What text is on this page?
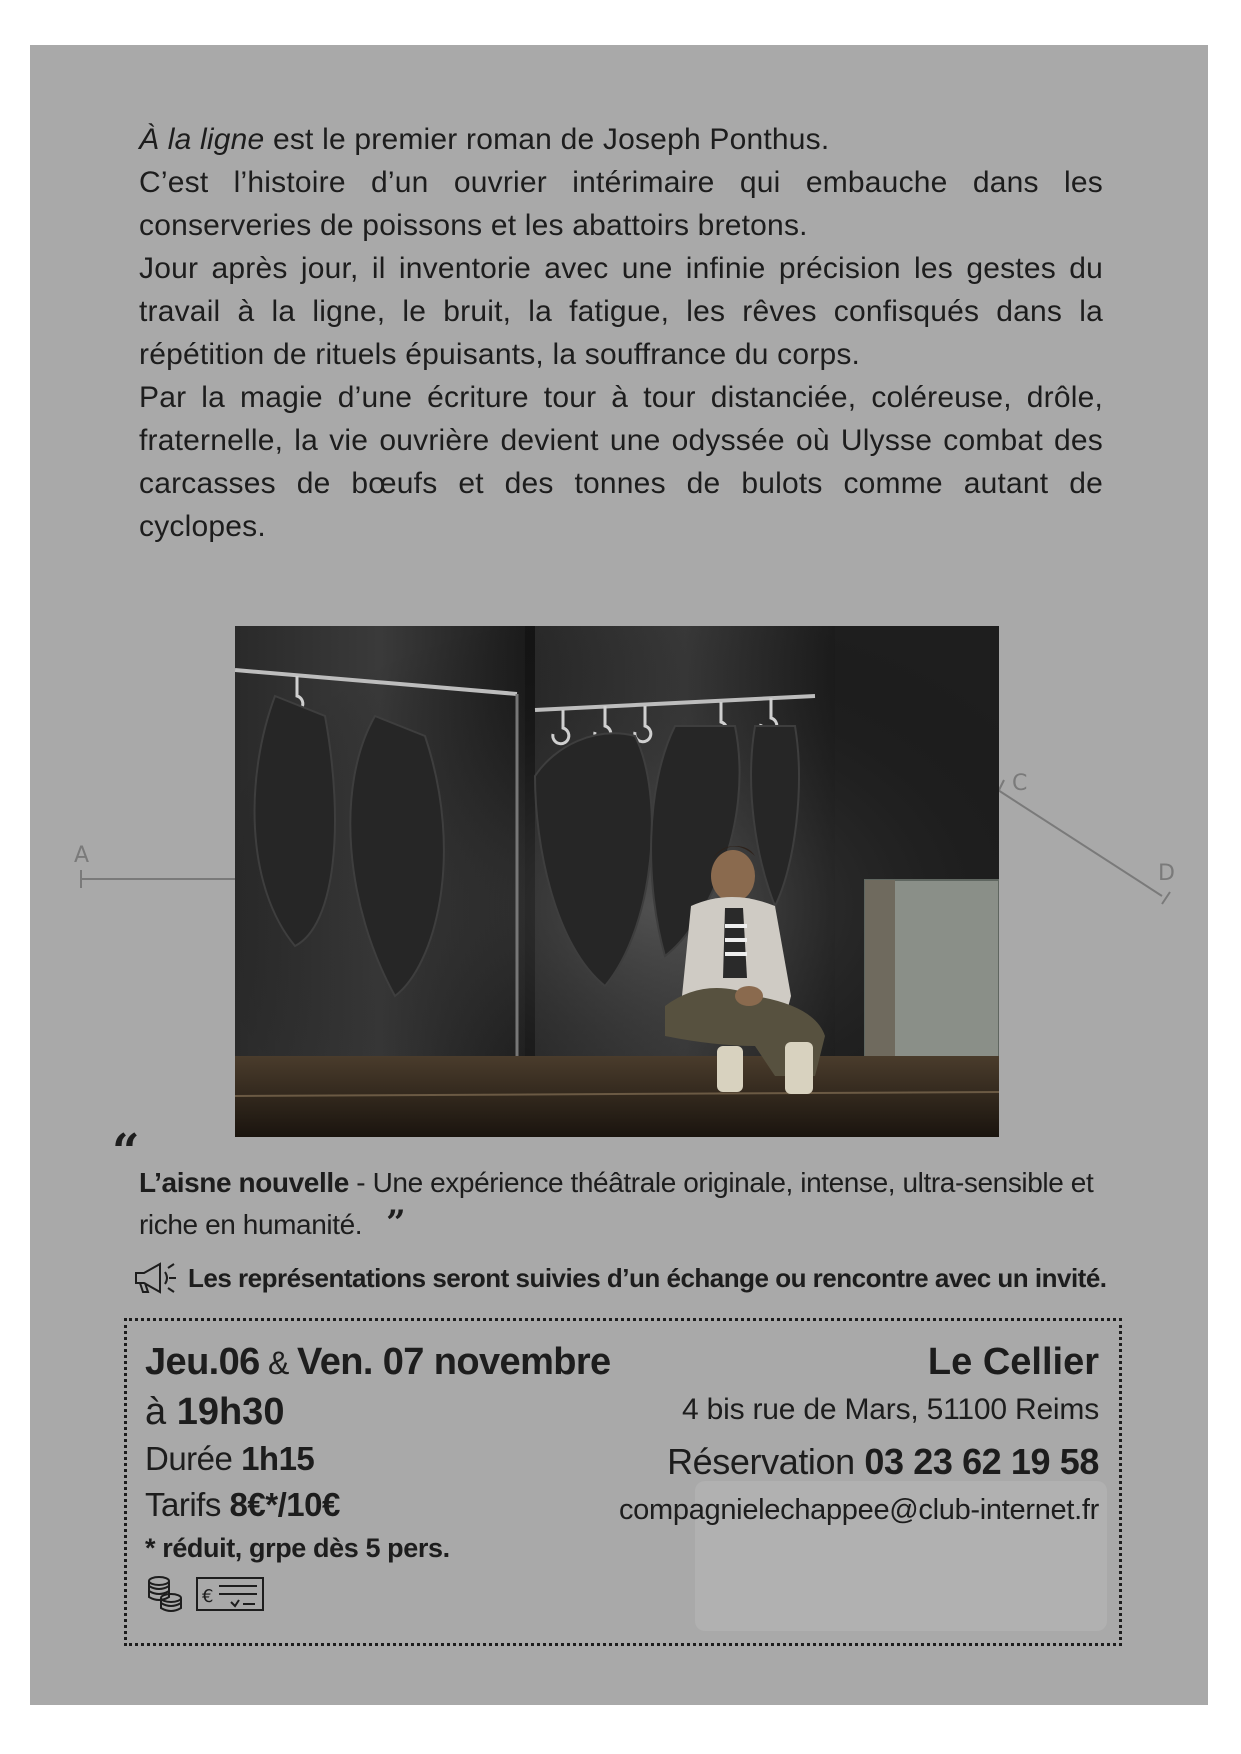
A
C
D

À la ligne est le premier roman de Joseph Ponthus.

C’est l’histoire d’un ouvrier intérimaire qui embauche dans les conserveries de poissons et les abattoirs bretons.

Jour après jour, il inventorie avec une infinie précision les gestes du travail à la ligne, le bruit, la fatigue, les rêves confisqués dans la répétition de rituels épuisants, la souffrance du corps.

Par la magie d’une écriture tour à tour distanciée, coléreuse, drôle, fraternelle, la vie ouvrière devient une odyssée où Ulysse combat des carcasses de bœufs et des tonnes de bulots comme autant de cyclopes.

“
L’aisne nouvelle - Une expérience théâtrale originale, intense, ultra-sensible et riche en humanité. ”
Les représentations seront suivies d’un échange ou rencontre avec un invité.
Jeu.06 & Ven. 07 novembre
à 19h30
Durée 1h15
Tarifs 8€*/10€
* réduit, grpe dès 5 pers.
€
Le Cellier
4 bis rue de Mars, 51100 Reims
Réservation 03 23 62 19 58
compagnielechappee@club-internet.fr
